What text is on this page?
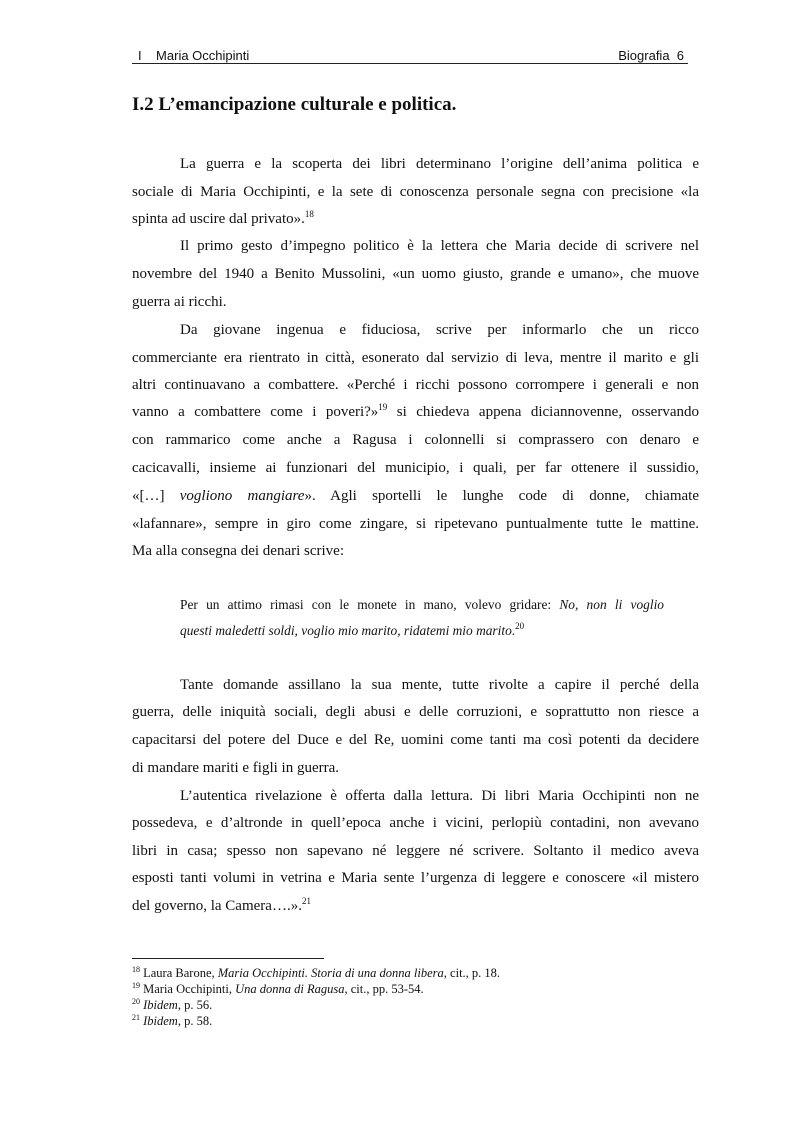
I    Maria Occhipinti	Biografia  6
I.2 L’emancipazione culturale e politica.
La guerra e la scoperta dei libri determinano l’origine dell’anima politica e
sociale di Maria Occhipinti, e la sete di conoscenza personale segna con precisione «la
spinta ad uscire dal privato».$^{18}$
Il primo gesto d’impegno politico è la lettera che Maria decide di scrivere nel
novembre del 1940 a Benito Mussolini, «un uomo giusto, grande e umano», che muove
guerra ai ricchi.
Da giovane ingenua e fiduciosa, scrive per informarlo che un ricco
commerciante era rientrato in città, esonerato dal servizio di leva, mentre il marito e gli
altri continuavano a combattere. «Perché i ricchi possono corrompere i generali e non
vanno a combattere come i poveri?»$^{19}$ si chiedeva appena diciannovenne, osservando
con rammarico come anche a Ragusa i colonnelli si comprassero con denaro e
cacicavalli, insieme ai funzionari del municipio, i quali, per far ottenere il sussidio,
«[…] vogliono mangiare». Agli sportelli le lunghe code di donne, chiamate
«lafannare», sempre in giro come zingare, si ripetevano puntualmente tutte le mattine.
Ma alla consegna dei denari scrive:
Per un attimo rimasi con le monete in mano, volevo gridare: No, non li voglio
questi maledetti soldi, voglio mio marito, ridatemi mio marito.$^{20}$
Tante domande assillano la sua mente, tutte rivolte a capire il perché della
guerra, delle iniquità sociali, degli abusi e delle corruzioni, e soprattutto non riesce a
capacitarsi del potere del Duce e del Re, uomini come tanti ma così potenti da decidere
di mandare mariti e figli in guerra.
L’autentica rivelazione è offerta dalla lettura. Di libri Maria Occhipinti non ne
possedeva, e d’altronde in quell’epoca anche i vicini, perlopiù contadini, non avevano
libri in casa; spesso non sapevano né leggere né scrivere. Soltanto il medico aveva
esposti tanti volumi in vetrina e Maria sente l’urgenza di leggere e conoscere «il mistero
del governo, la Camera….».$^{21}$
$^{18}$ Laura Barone, Maria Occhipinti. Storia di una donna libera, cit., p. 18.
$^{19}$ Maria Occhipinti, Una donna di Ragusa, cit., pp. 53-54.
$^{20}$ Ibidem, p. 56.
$^{21}$ Ibidem, p. 58.
